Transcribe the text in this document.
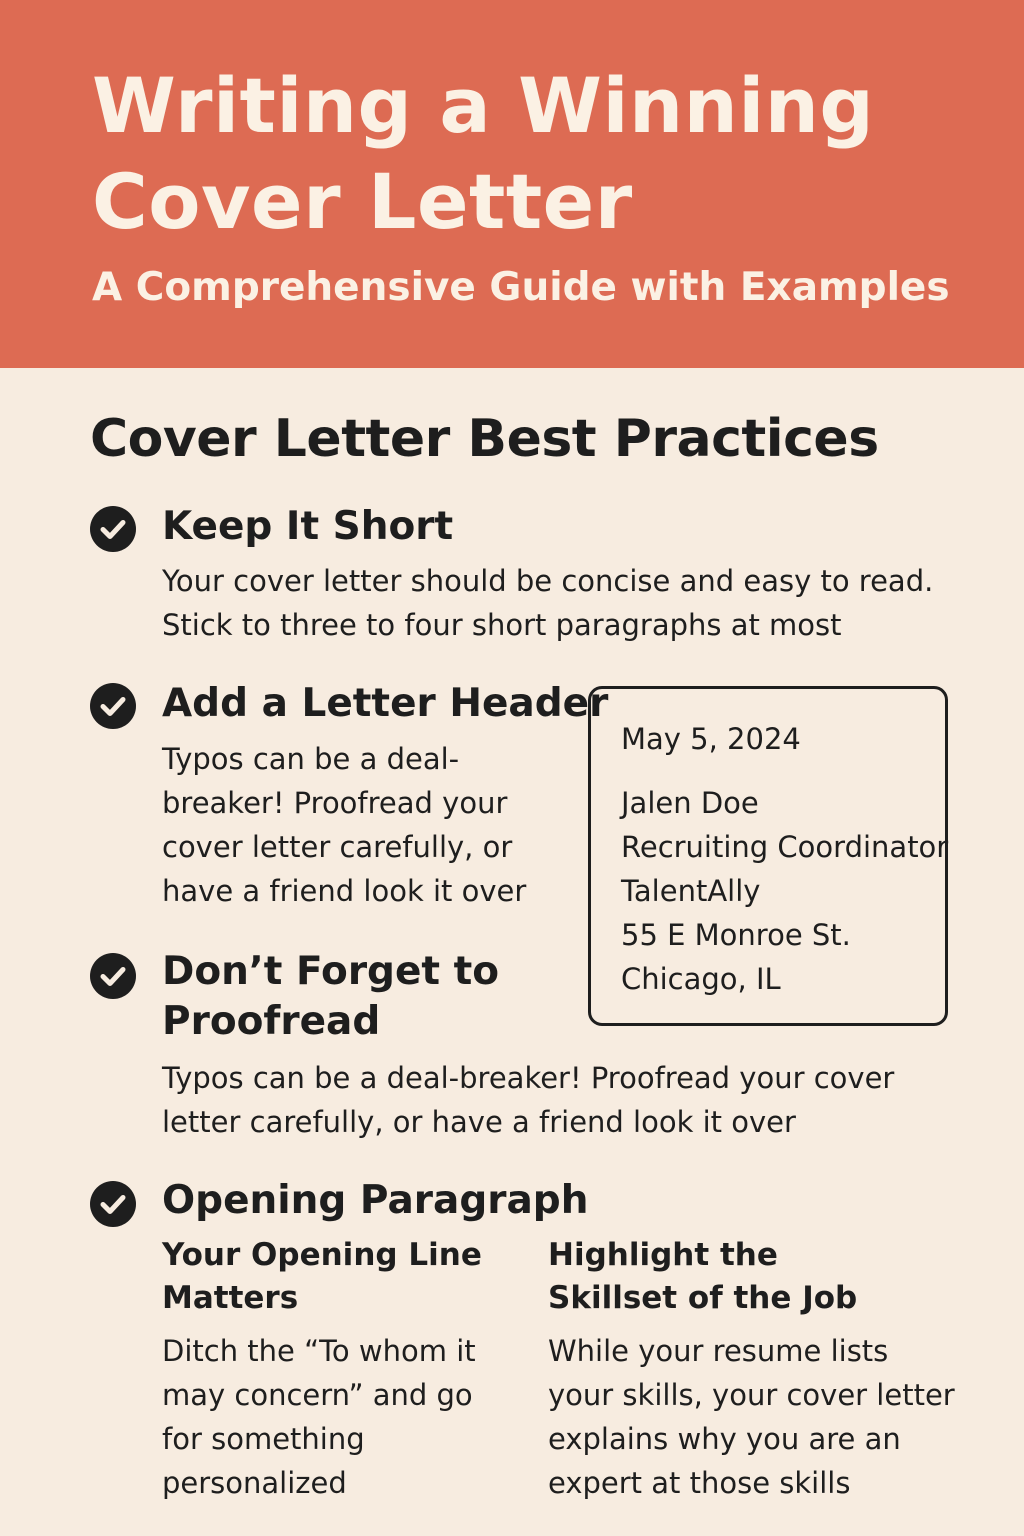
Writing a Winning Cover Letter
A Comprehensive Guide with Examples
Cover Letter Best Practices
Keep It Short
Your cover letter should be concise and easy to read. Stick to three to four short paragraphs at most
Add a Letter Header
Typos can be a deal-breaker! Proofread your cover letter carefully, or have a friend look it over
May 5, 2024
Jalen Doe
Recruiting Coordinator
TalentAlly
55 E Monroe St.
Chicago, IL
Don’t Forget to Proofread
Typos can be a deal-breaker! Proofread your cover letter carefully, or have a friend look it over
Opening Paragraph
Your Opening Line Matters
Ditch the “To whom it may concern” and go for something personalized
Highlight the Skillset of the Job
While your resume lists your skills, your cover letter explains why you are an expert at those skills
